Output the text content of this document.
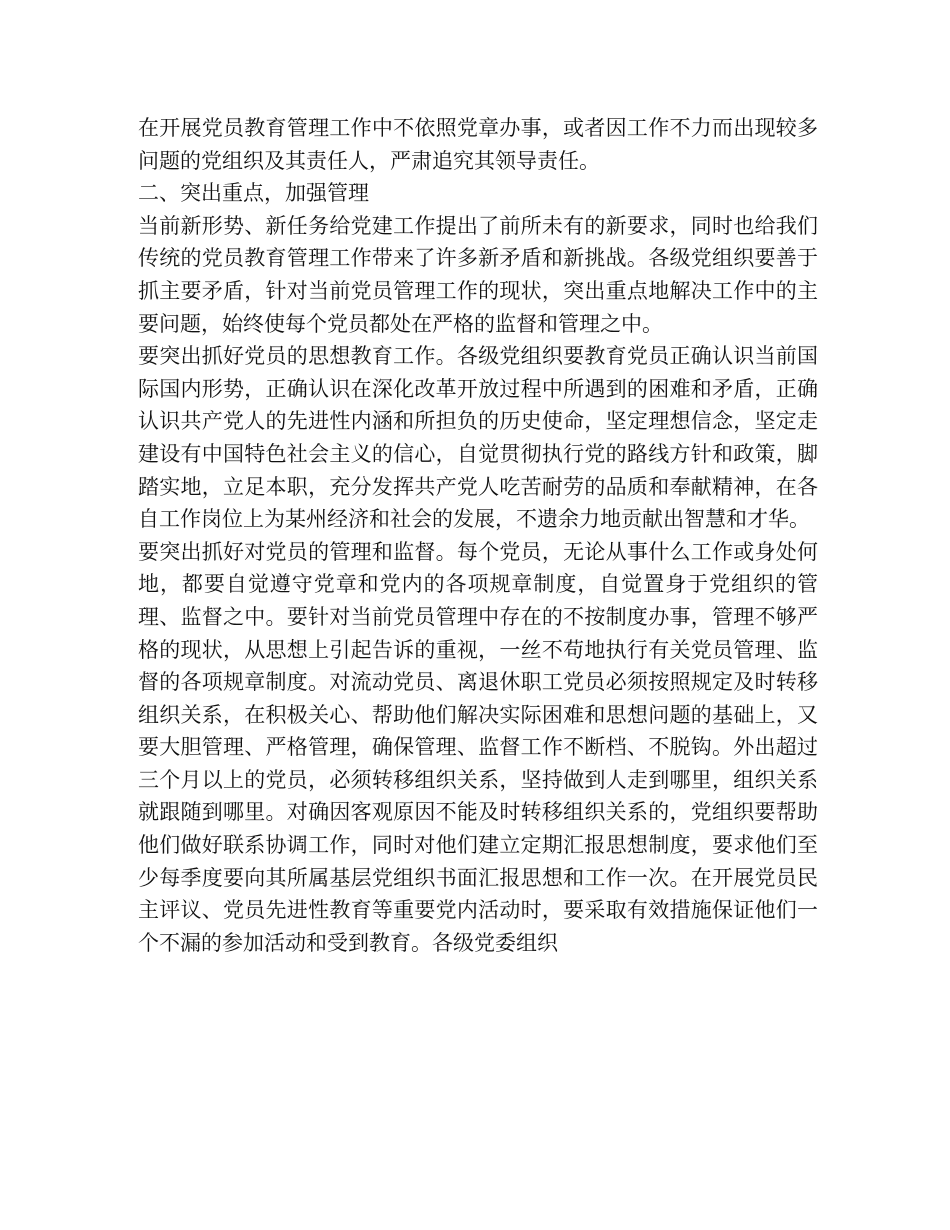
在开展党员教育管理工作中不依照党章办事，或者因工作不力而出现较多问题的党组织及其责任人，严肃追究其领导责任。

二、突出重点，加强管理

当前新形势、新任务给党建工作提出了前所未有的新要求，同时也给我们传统的党员教育管理工作带来了许多新矛盾和新挑战。各级党组织要善于抓主要矛盾，针对当前党员管理工作的现状，突出重点地解决工作中的主要问题，始终使每个党员都处在严格的监督和管理之中。

要突出抓好党员的思想教育工作。各级党组织要教育党员正确认识当前国际国内形势，正确认识在深化改革开放过程中所遇到的困难和矛盾，正确认识共产党人的先进性内涵和所担负的历史使命，坚定理想信念，坚定走建设有中国特色社会主义的信心，自觉贯彻执行党的路线方针和政策，脚踏实地，立足本职，充分发挥共产党人吃苦耐劳的品质和奉献精神，在各自工作岗位上为某州经济和社会的发展，不遗余力地贡献出智慧和才华。

要突出抓好对党员的管理和监督。每个党员，无论从事什么工作或身处何地，都要自觉遵守党章和党内的各项规章制度，自觉置身于党组织的管理、监督之中。要针对当前党员管理中存在的不按制度办事，管理不够严格的现状，从思想上引起告诉的重视，一丝不苟地执行有关党员管理、监督的各项规章制度。对流动党员、离退休职工党员必须按照规定及时转移组织关系，在积极关心、帮助他们解决实际困难和思想问题的基础上，又要大胆管理、严格管理，确保管理、监督工作不断档、不脱钩。外出超过三个月以上的党员，必须转移组织关系，坚持做到人走到哪里，组织关系就跟随到哪里。对确因客观原因不能及时转移组织关系的，党组织要帮助他们做好联系协调工作，同时对他们建立定期汇报思想制度，要求他们至少每季度要向其所属基层党组织书面汇报思想和工作一次。在开展党员民主评议、党员先进性教育等重要党内活动时，要采取有效措施保证他们一个不漏的参加活动和受到教育。各级党委组织
